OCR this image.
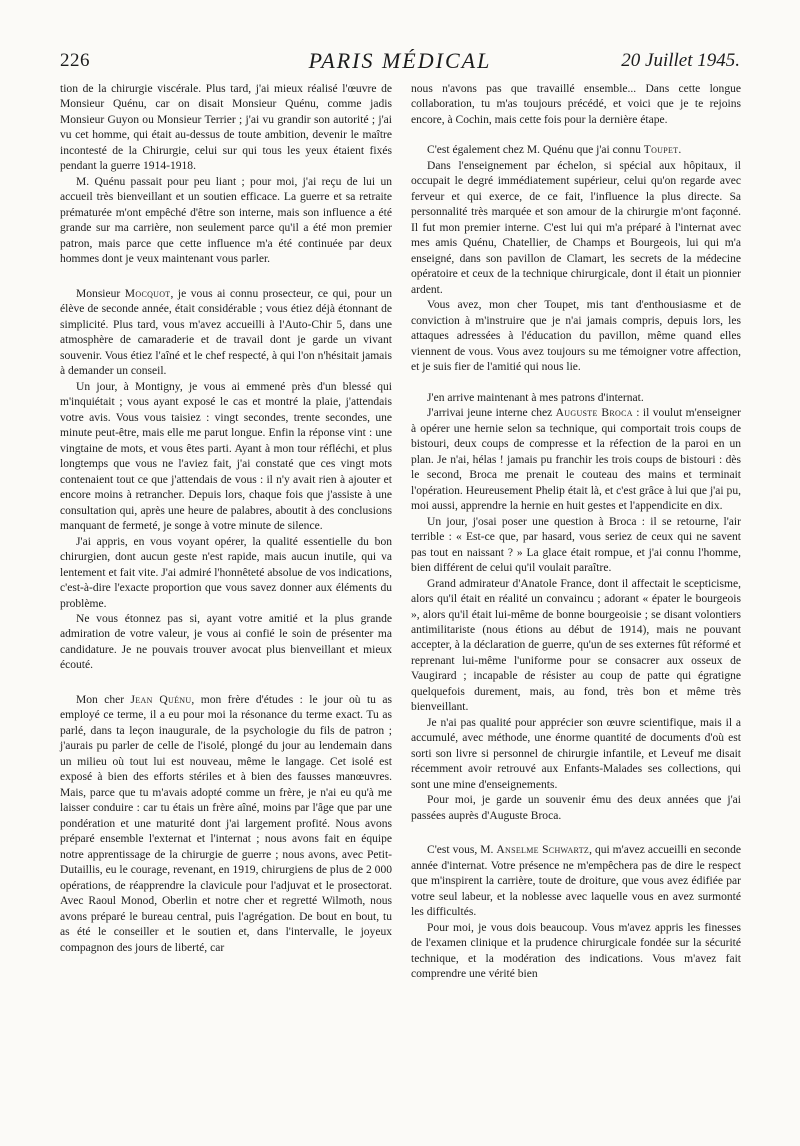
226	PARIS MÉDICAL	20 Juillet 1945.

tion de la chirurgie viscérale. Plus tard, j'ai mieux réalisé l'œuvre de Monsieur Quénu, car on disait Monsieur Quénu, comme jadis Monsieur Guyon ou Monsieur Terrier ; j'ai vu grandir son autorité ; j'ai vu cet homme, qui était au-dessus de toute ambition, devenir le maître incontesté de la Chirurgie, celui sur qui tous les yeux étaient fixés pendant la guerre 1914-1918.

M. Quénu passait pour peu liant ; pour moi, j'ai reçu de lui un accueil très bienveillant et un soutien efficace. La guerre et sa retraite prématurée m'ont empêché d'être son interne, mais son influence a été grande sur ma carrière, non seulement parce qu'il a été mon premier patron, mais parce que cette influence m'a été continuée par deux hommes dont je veux maintenant vous parler.

Monsieur Mocquot, je vous ai connu prosecteur, ce qui, pour un élève de seconde année, était considérable ; vous étiez déjà étonnant de simplicité. Plus tard, vous m'avez accueilli à l'Auto-Chir 5, dans une atmosphère de camaraderie et de travail dont je garde un vivant souvenir. Vous étiez l'aîné et le chef respecté, à qui l'on n'hésitait jamais à demander un conseil.

Un jour, à Montigny, je vous ai emmené près d'un blessé qui m'inquiétait ; vous ayant exposé le cas et montré la plaie, j'attendais votre avis. Vous vous taisiez : vingt secondes, trente secondes, une minute peut-être, mais elle me parut longue. Enfin la réponse vint : une vingtaine de mots, et vous êtes parti. Ayant à mon tour réfléchi, et plus longtemps que vous ne l'aviez fait, j'ai constaté que ces vingt mots contenaient tout ce que j'attendais de vous : il n'y avait rien à ajouter et encore moins à retrancher. Depuis lors, chaque fois que j'assiste à une consultation qui, après une heure de palabres, aboutit à des conclusions manquant de fermeté, je songe à votre minute de silence.

J'ai appris, en vous voyant opérer, la qualité essentielle du bon chirurgien, dont aucun geste n'est rapide, mais aucun inutile, qui va lentement et fait vite. J'ai admiré l'honnêteté absolue de vos indications, c'est-à-dire l'exacte proportion que vous savez donner aux éléments du problème.

Ne vous étonnez pas si, ayant votre amitié et la plus grande admiration de votre valeur, je vous ai confié le soin de présenter ma candidature. Je ne pouvais trouver avocat plus bienveillant et mieux écouté.

Mon cher Jean Quénu, mon frère d'études : le jour où tu as employé ce terme, il a eu pour moi la résonance du terme exact. Tu as parlé, dans ta leçon inaugurale, de la psychologie du fils de patron ; j'aurais pu parler de celle de l'isolé, plongé du jour au lendemain dans un milieu où tout lui est nouveau, même le langage. Cet isolé est exposé à bien des efforts stériles et à bien des fausses manœuvres. Mais, parce que tu m'avais adopté comme un frère, je n'ai eu qu'à me laisser conduire : car tu étais un frère aîné, moins par l'âge que par une pondération et une maturité dont j'ai largement profité. Nous avons préparé ensemble l'externat et l'internat ; nous avons fait en équipe notre apprentissage de la chirurgie de guerre ; nous avons, avec Petit-Dutaillis, eu le courage, revenant, en 1919, chirurgiens de plus de 2 000 opérations, de réapprendre la clavicule pour l'adjuvat et le prosectorat. Avec Raoul Monod, Oberlin et notre cher et regretté Wilmoth, nous avons préparé le bureau central, puis l'agrégation. De bout en bout, tu as été le conseiller et le soutien et, dans l'intervalle, le joyeux compagnon des jours de liberté, car

nous n'avons pas que travaillé ensemble... Dans cette longue collaboration, tu m'as toujours précédé, et voici que je te rejoins encore, à Cochin, mais cette fois pour la dernière étape.

C'est également chez M. Quénu que j'ai connu Toupet.

Dans l'enseignement par échelon, si spécial aux hôpitaux, il occupait le degré immédiatement supérieur, celui qu'on regarde avec ferveur et qui exerce, de ce fait, l'influence la plus directe. Sa personnalité très marquée et son amour de la chirurgie m'ont façonné. Il fut mon premier interne. C'est lui qui m'a préparé à l'internat avec mes amis Quénu, Chatellier, de Champs et Bourgeois, lui qui m'a enseigné, dans son pavillon de Clamart, les secrets de la médecine opératoire et ceux de la technique chirurgicale, dont il était un pionnier ardent.

Vous avez, mon cher Toupet, mis tant d'enthousiasme et de conviction à m'instruire que je n'ai jamais compris, depuis lors, les attaques adressées à l'éducation du pavillon, même quand elles viennent de vous. Vous avez toujours su me témoigner votre affection, et je suis fier de l'amitié qui nous lie.

J'en arrive maintenant à mes patrons d'internat.

J'arrivai jeune interne chez Auguste Broca : il voulut m'enseigner à opérer une hernie selon sa technique, qui comportait trois coups de bistouri, deux coups de compresse et la réfection de la paroi en un plan. Je n'ai, hélas ! jamais pu franchir les trois coups de bistouri : dès le second, Broca me prenait le couteau des mains et terminait l'opération. Heureusement Phelip était là, et c'est grâce à lui que j'ai pu, moi aussi, apprendre la hernie en huit gestes et l'appendicite en dix.

Un jour, j'osai poser une question à Broca : il se retourne, l'air terrible : « Est-ce que, par hasard, vous seriez de ceux qui ne savent pas tout en naissant ? » La glace était rompue, et j'ai connu l'homme, bien différent de celui qu'il voulait paraître.

Grand admirateur d'Anatole France, dont il affectait le scepticisme, alors qu'il était en réalité un convaincu ; adorant « épater le bourgeois », alors qu'il était lui-même de bonne bourgeoisie ; se disant volontiers antimilitariste (nous étions au début de 1914), mais ne pouvant accepter, à la déclaration de guerre, qu'un de ses externes fût réformé et reprenant lui-même l'uniforme pour se consacrer aux osseux de Vaugirard ; incapable de résister au coup de patte qui égratigne quelquefois durement, mais, au fond, très bon et même très bienveillant.

Je n'ai pas qualité pour apprécier son œuvre scientifique, mais il a accumulé, avec méthode, une énorme quantité de documents d'où est sorti son livre si personnel de chirurgie infantile, et Leveuf me disait récemment avoir retrouvé aux Enfants-Malades ses collections, qui sont une mine d'enseignements.

Pour moi, je garde un souvenir ému des deux années que j'ai passées auprès d'Auguste Broca.

C'est vous, M. Anselme Schwartz, qui m'avez accueilli en seconde année d'internat. Votre présence ne m'empêchera pas de dire le respect que m'inspirent la carrière, toute de droiture, que vous avez édifiée par votre seul labeur, et la noblesse avec laquelle vous en avez surmonté les difficultés.

Pour moi, je vous dois beaucoup. Vous m'avez appris les finesses de l'examen clinique et la prudence chirurgicale fondée sur la sécurité technique, et la modération des indications. Vous m'avez fait comprendre une vérité bien
